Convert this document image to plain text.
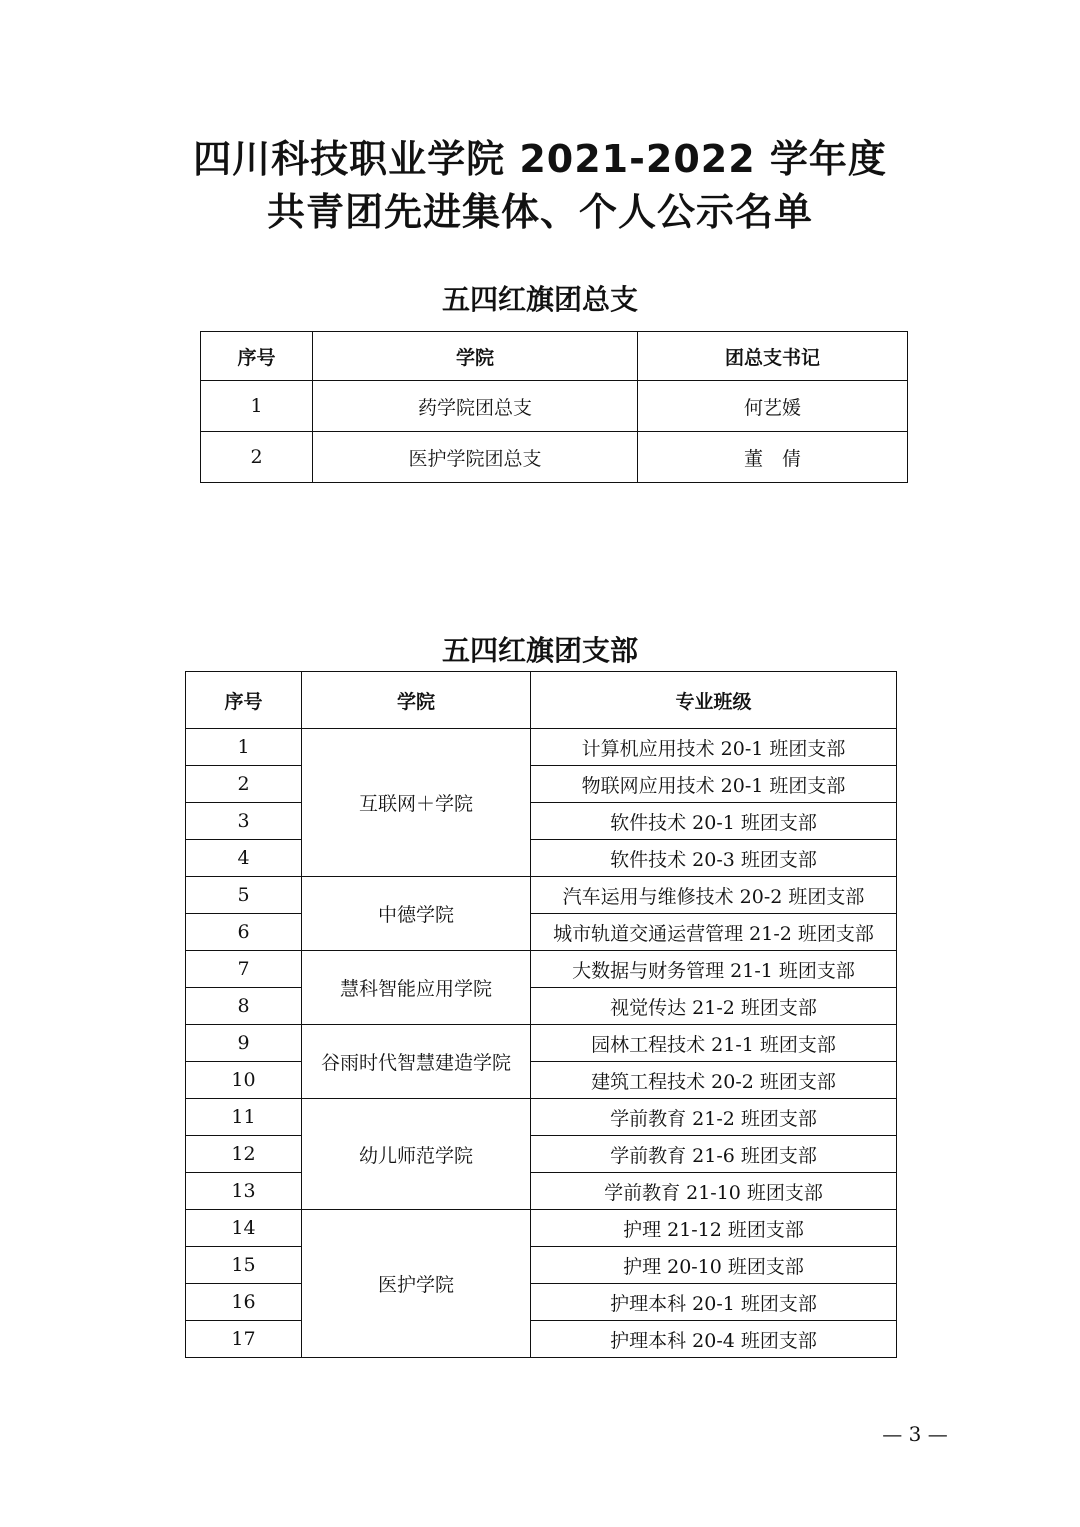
四川科技职业学院 2021-2022 学年度
共青团先进集体、个人公示名单
五四红旗团总支
序号	学院	团总支书记
1	药学院团总支	何艺媛
2	医护学院团总支	董　倩
五四红旗团支部
序号	学院	专业班级
1	互联网＋学院	计算机应用技术 20-1 班团支部
2		物联网应用技术 20-1 班团支部
3		软件技术 20-1 班团支部
4		软件技术 20-3 班团支部
5	中德学院	汽车运用与维修技术 20-2 班团支部
6		城市轨道交通运营管理 21-2 班团支部
7	慧科智能应用学院	大数据与财务管理 21-1 班团支部
8		视觉传达 21-2 班团支部
9	谷雨时代智慧建造学院	园林工程技术 21-1 班团支部
10		建筑工程技术 20-2 班团支部
11	幼儿师范学院	学前教育 21-2 班团支部
12		学前教育 21-6 班团支部
13		学前教育 21-10 班团支部
14	医护学院	护理 21-12 班团支部
15		护理 20-10 班团支部
16		护理本科 20-1 班团支部
17		护理本科 20-4 班团支部
— 3 —
